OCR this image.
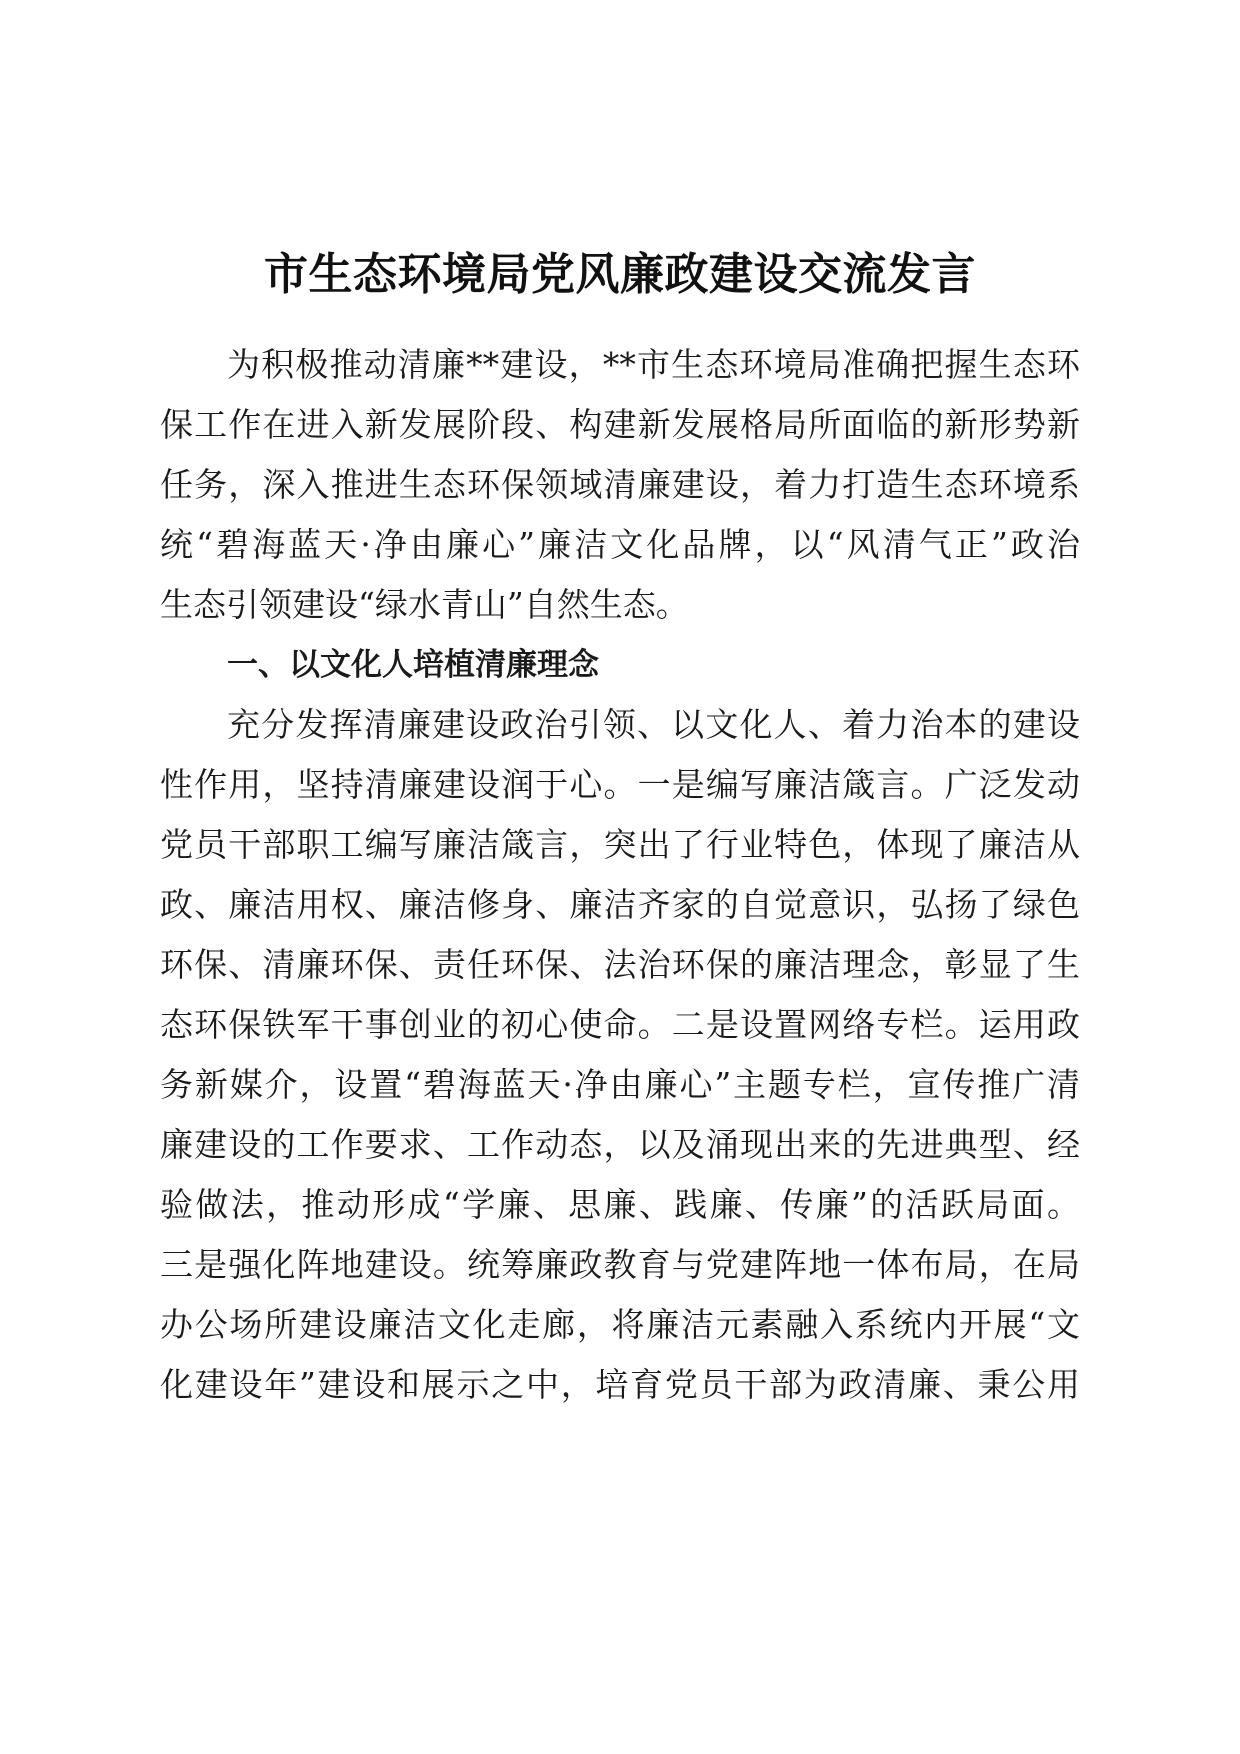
市生态环境局党风廉政建设交流发言
为积极推动清廉**建设，**市生态环境局准确把握生态环
保工作在进入新发展阶段、构建新发展格局所面临的新形势新
任务，深入推进生态环保领域清廉建设，着力打造生态环境系
统“碧海蓝天·净由廉心”廉洁文化品牌，以“风清气正”政治
生态引领建设“绿水青山”自然生态。
一、以文化人培植清廉理念
充分发挥清廉建设政治引领、以文化人、着力治本的建设
性作用，坚持清廉建设润于心。一是编写廉洁箴言。广泛发动
党员干部职工编写廉洁箴言，突出了行业特色，体现了廉洁从
政、廉洁用权、廉洁修身、廉洁齐家的自觉意识，弘扬了绿色
环保、清廉环保、责任环保、法治环保的廉洁理念，彰显了生
态环保铁军干事创业的初心使命。二是设置网络专栏。运用政
务新媒介，设置“碧海蓝天·净由廉心”主题专栏，宣传推广清
廉建设的工作要求、工作动态，以及涌现出来的先进典型、经
验做法，推动形成“学廉、思廉、践廉、传廉”的活跃局面。
三是强化阵地建设。统筹廉政教育与党建阵地一体布局，在局
办公场所建设廉洁文化走廊，将廉洁元素融入系统内开展“文
化建设年”建设和展示之中，培育党员干部为政清廉、秉公用
